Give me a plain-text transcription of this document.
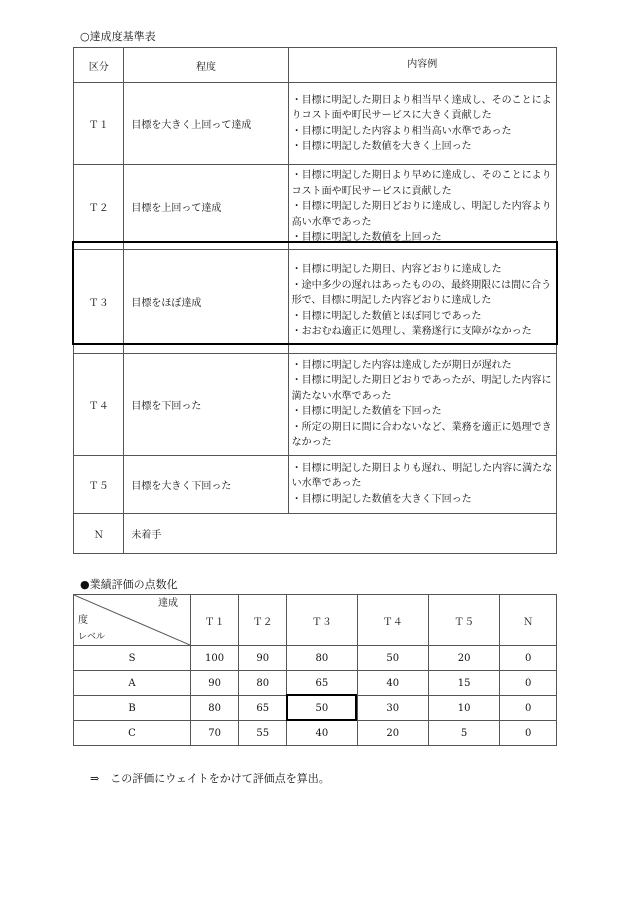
○達成度基準表
区分	程度	内容例
Ｔ１	目標を大きく上回って達成	・目標に明記した期日より相当早く達成し、そのことによりコスト面や町民サービスに大きく貢献した
・目標に明記した内容より相当高い水準であった
・目標に明記した数値を大きく上回った

Ｔ２	目標を上回って達成	・目標に明記した期日より早めに達成し、そのことによりコスト面や町民サービスに貢献した
・目標に明記した期日どおりに達成し、明記した内容より高い水準であった
・目標に明記した数値を上回った

Ｔ３	目標をほぼ達成	・目標に明記した期日、内容どおりに達成した
・途中多少の遅れはあったものの、最終期限には間に合う形で、目標に明記した内容どおりに達成した
・目標に明記した数値とほぼ同じであった
・おおむね適正に処理し、業務遂行に支障がなかった

Ｔ４	目標を下回った	・目標に明記した内容は達成したが期日が遅れた
・目標に明記した期日どおりであったが、明記した内容に満たない水準であった
・目標に明記した数値を下回った
・所定の期日に間に合わないなど、業務を適正に処理できなかった

Ｔ５	目標を大きく下回った	・目標に明記した期日よりも遅れ、明記した内容に満たない水準であった
・目標に明記した数値を大きく下回った

Ｎ	未着手	
●業績評価の点数化
達成
度
レベル	Ｔ１	Ｔ２	Ｔ３	Ｔ４	Ｔ５	Ｎ
S	100	90	80	50	20	0
A	90	80	65	40	15	0
B	80	65	50	30	10	0
C	70	55	40	20	5	0
⇒　この評価にウェイトをかけて評価点を算出。
